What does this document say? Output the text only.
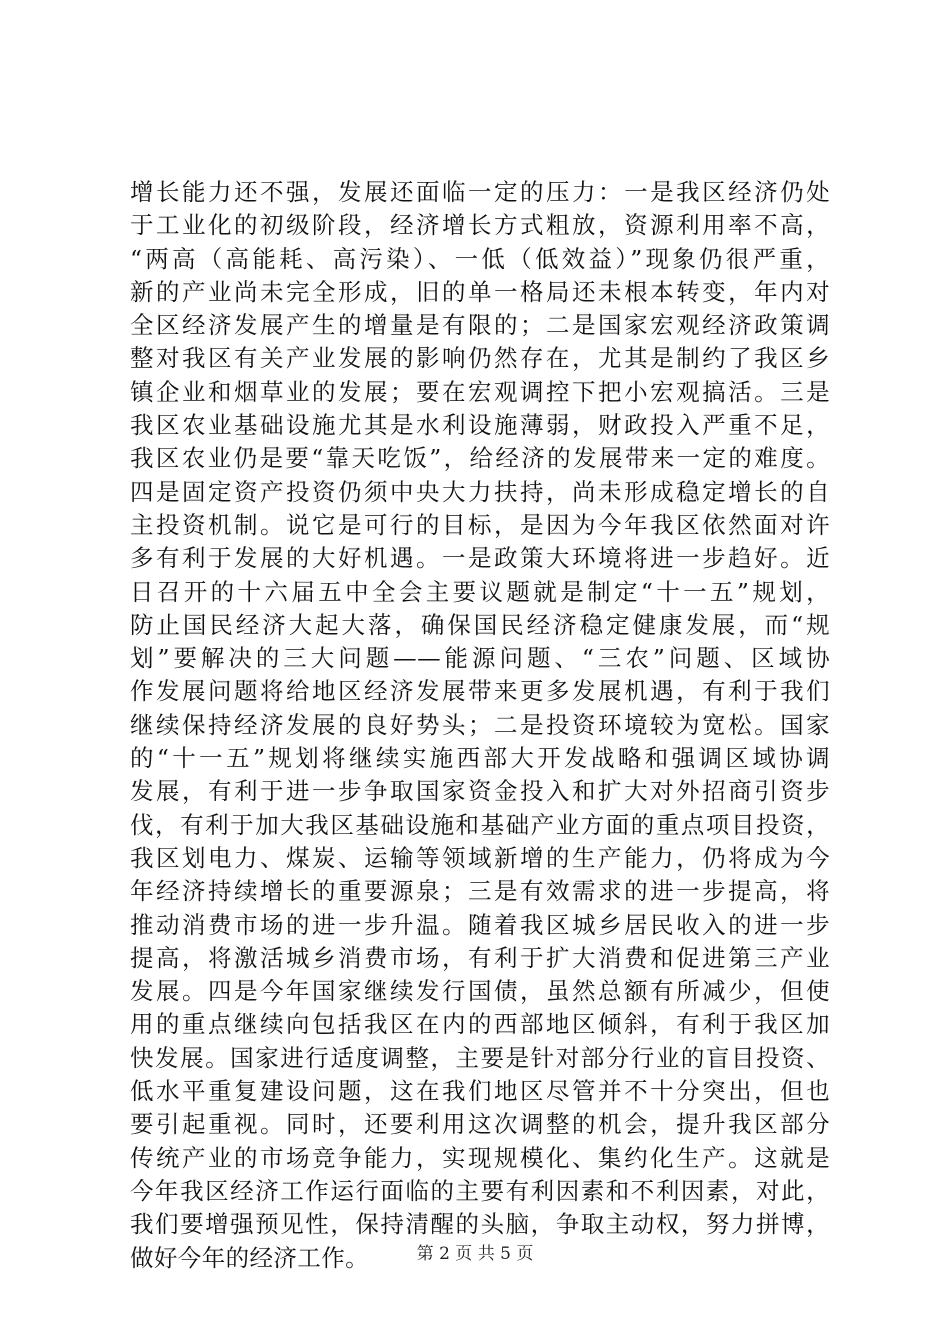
增长能力还不强，发展还面临一定的压力：一是我区经济仍处
于工业化的初级阶段，经济增长方式粗放，资源利用率不高，
“两高（高能耗、高污染）、一低（低效益）”现象仍很严重，
新的产业尚未完全形成，旧的单一格局还未根本转变，年内对
全区经济发展产生的增量是有限的；二是国家宏观经济政策调
整对我区有关产业发展的影响仍然存在，尤其是制约了我区乡
镇企业和烟草业的发展；要在宏观调控下把小宏观搞活。三是
我区农业基础设施尤其是水利设施薄弱，财政投入严重不足，
我区农业仍是要“靠天吃饭”，给经济的发展带来一定的难度。
四是固定资产投资仍须中央大力扶持，尚未形成稳定增长的自
主投资机制。说它是可行的目标，是因为今年我区依然面对许
多有利于发展的大好机遇。一是政策大环境将进一步趋好。近
日召开的十六届五中全会主要议题就是制定“十一五”规划，
防止国民经济大起大落，确保国民经济稳定健康发展，而“规
划”要解决的三大问题——能源问题、“三农”问题、区域协
作发展问题将给地区经济发展带来更多发展机遇，有利于我们
继续保持经济发展的良好势头；二是投资环境较为宽松。国家
的“十一五”规划将继续实施西部大开发战略和强调区域协调
发展，有利于进一步争取国家资金投入和扩大对外招商引资步
伐，有利于加大我区基础设施和基础产业方面的重点项目投资，
我区划电力、煤炭、运输等领域新增的生产能力，仍将成为今
年经济持续增长的重要源泉；三是有效需求的进一步提高，将
推动消费市场的进一步升温。随着我区城乡居民收入的进一步
提高，将激活城乡消费市场，有利于扩大消费和促进第三产业
发展。四是今年国家继续发行国债，虽然总额有所减少，但使
用的重点继续向包括我区在内的西部地区倾斜，有利于我区加
快发展。国家进行适度调整，主要是针对部分行业的盲目投资、
低水平重复建设问题，这在我们地区尽管并不十分突出，但也
要引起重视。同时，还要利用这次调整的机会，提升我区部分
传统产业的市场竞争能力，实现规模化、集约化生产。这就是
今年我区经济工作运行面临的主要有利因素和不利因素，对此，
我们要增强预见性，保持清醒的头脑，争取主动权，努力拼博，
做好今年的经济工作。	第 2 页 共 5 页
